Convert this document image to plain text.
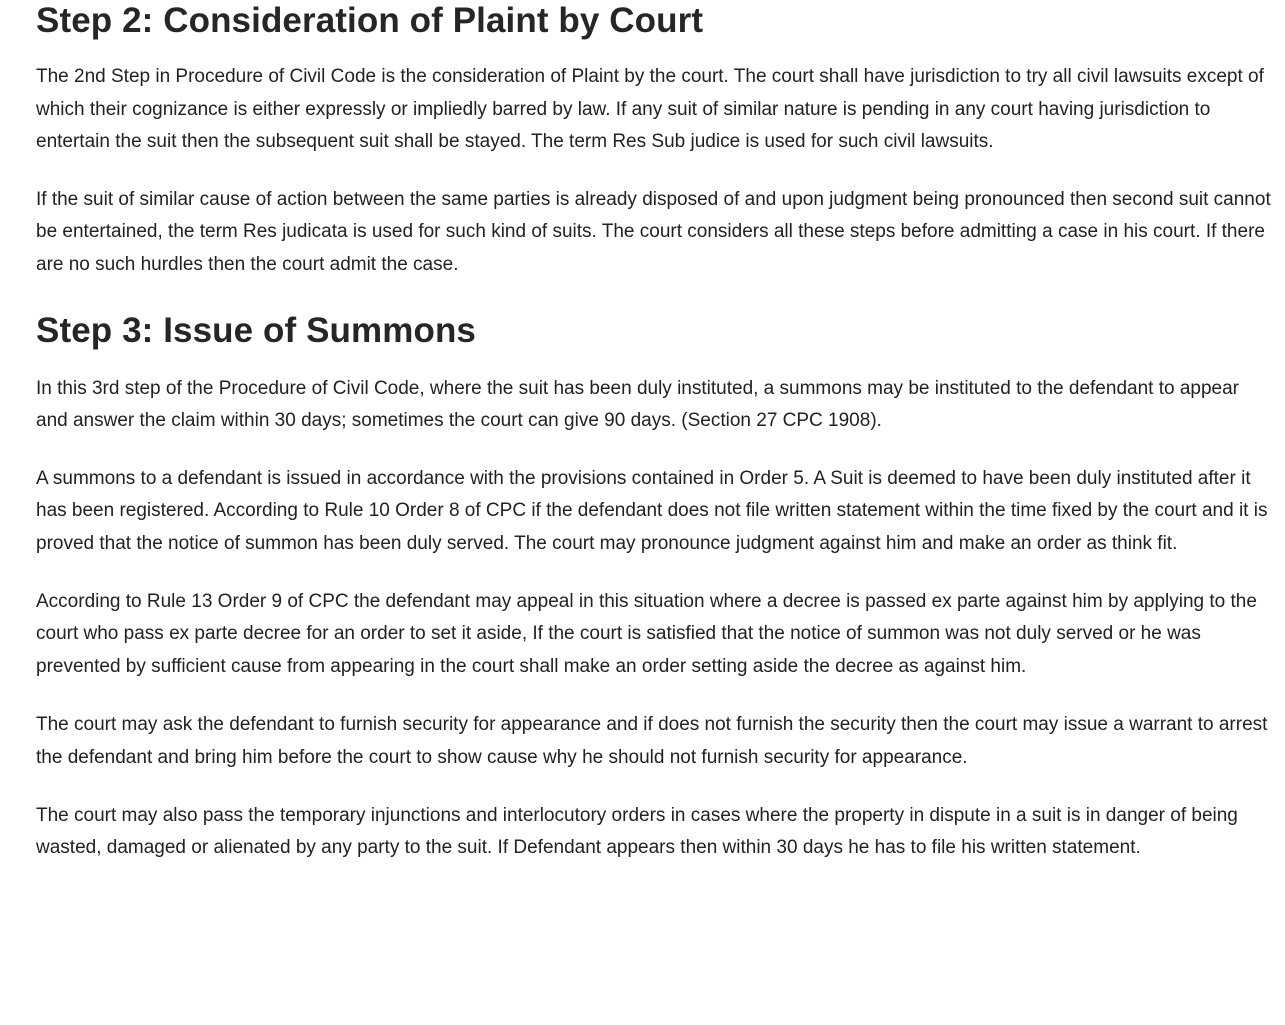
Step 2: Consideration of Plaint by Court

The 2nd Step in Procedure of Civil Code is the consideration of Plaint by the court. The court shall have jurisdiction to try all civil lawsuits except of which their cognizance is either expressly or impliedly barred by law. If any suit of similar nature is pending in any court having jurisdiction to entertain the suit then the subsequent suit shall be stayed. The term Res Sub judice is used for such civil lawsuits.

If the suit of similar cause of action between the same parties is already disposed of and upon judgment being pronounced then second suit cannot be entertained, the term Res judicata is used for such kind of suits. The court considers all these steps before admitting a case in his court. If there are no such hurdles then the court admit the case.

Step 3: Issue of Summons

In this 3rd step of the Procedure of Civil Code, where the suit has been duly instituted, a summons may be instituted to the defendant to appear and answer the claim within 30 days; sometimes the court can give 90 days. (Section 27 CPC 1908).

A summons to a defendant is issued in accordance with the provisions contained in Order 5. A Suit is deemed to have been duly instituted after it has been registered. According to Rule 10 Order 8 of CPC if the defendant does not file written statement within the time fixed by the court and it is proved that the notice of summon has been duly served. The court may pronounce judgment against him and make an order as think fit.

According to Rule 13 Order 9 of CPC the defendant may appeal in this situation where a decree is passed ex parte against him by applying to the court who pass ex parte decree for an order to set it aside, If the court is satisfied that the notice of summon was not duly served or he was prevented by sufficient cause from appearing in the court shall make an order setting aside the decree as against him.

The court may ask the defendant to furnish security for appearance and if does not furnish the security then the court may issue a warrant to arrest the defendant and bring him before the court to show cause why he should not furnish security for appearance.

The court may also pass the temporary injunctions and interlocutory orders in cases where the property in dispute in a suit is in danger of being wasted, damaged or alienated by any party to the suit. If Defendant appears then within 30 days he has to file his written statement.
